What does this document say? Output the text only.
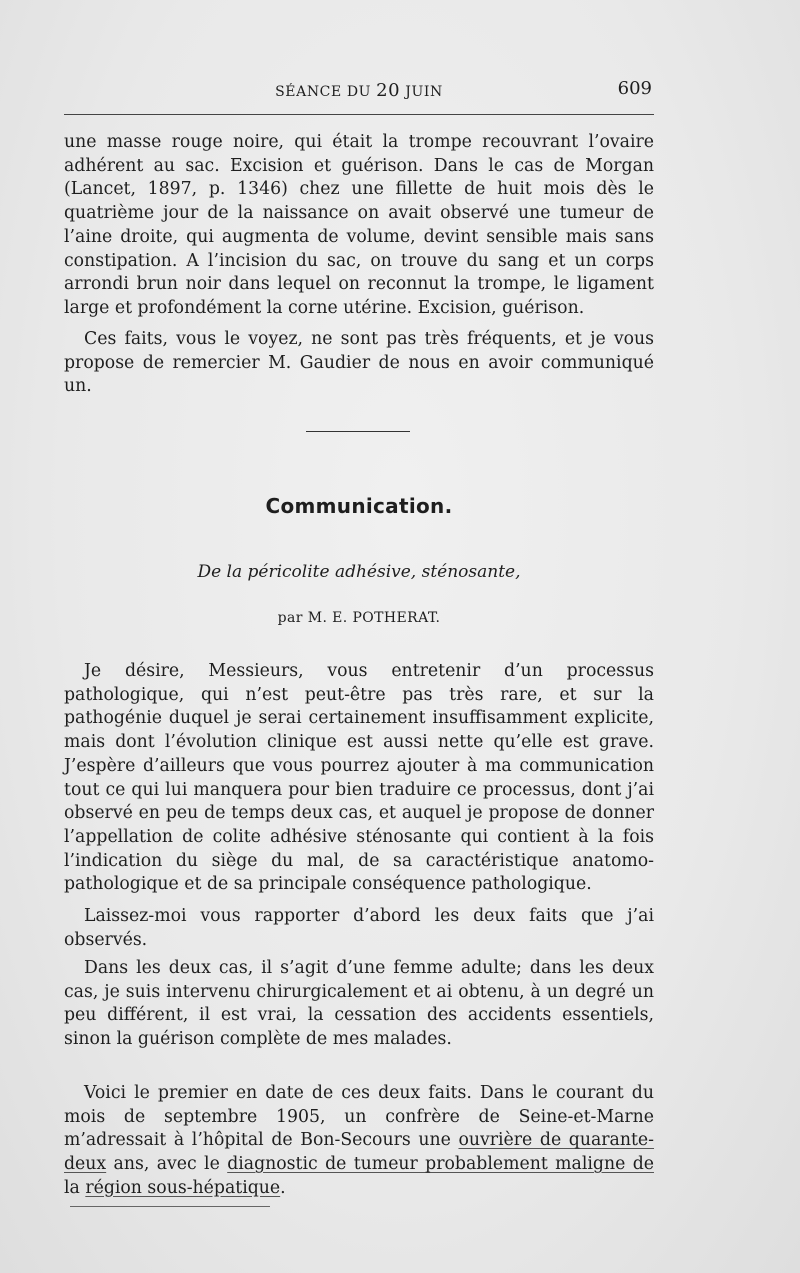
SÉANCE DU 20 JUIN	609

une masse rouge noire, qui était la trompe recouvrant l’ovaire adhérent au sac. Excision et guérison. Dans le cas de Morgan (Lancet, 1897, p. 1346) chez une fillette de huit mois dès le quatrième jour de la naissance on avait observé une tumeur de l’aine droite, qui augmenta de volume, devint sensible mais sans constipation. A l’incision du sac, on trouve du sang et un corps arrondi brun noir dans lequel on reconnut la trompe, le ligament large et profondément la corne utérine. Excision, guérison.

Ces faits, vous le voyez, ne sont pas très fréquents, et je vous propose de remercier M. Gaudier de nous en avoir communiqué un.

Communication.
De la péricolite adhésive, sténosante,
par M. E. POTHERAT.

Je désire, Messieurs, vous entretenir d’un processus pathologique, qui n’est peut-être pas très rare, et sur la pathogénie duquel je serai certainement insuffisamment explicite, mais dont l’évolution clinique est aussi nette qu’elle est grave. J’espère d’ailleurs que vous pourrez ajouter à ma communication tout ce qui lui manquera pour bien traduire ce processus, dont j’ai observé en peu de temps deux cas, et auquel je propose de donner l’appellation de colite adhésive sténosante qui contient à la fois l’indication du siège du mal, de sa caractéristique anatomo-pathologique et de sa principale conséquence pathologique.

Laissez-moi vous rapporter d’abord les deux faits que j’ai observés.

Dans les deux cas, il s’agit d’une femme adulte; dans les deux cas, je suis intervenu chirurgicalement et ai obtenu, à un degré un peu différent, il est vrai, la cessation des accidents essentiels, sinon la guérison complète de mes malades.

Voici le premier en date de ces deux faits. Dans le courant du mois de septembre 1905, un confrère de Seine-et-Marne m’adressait à l’hôpital de Bon-Secours une ouvrière de quarante-deux ans, avec le diagnostic de tumeur probablement maligne de la région sous-hépatique.
